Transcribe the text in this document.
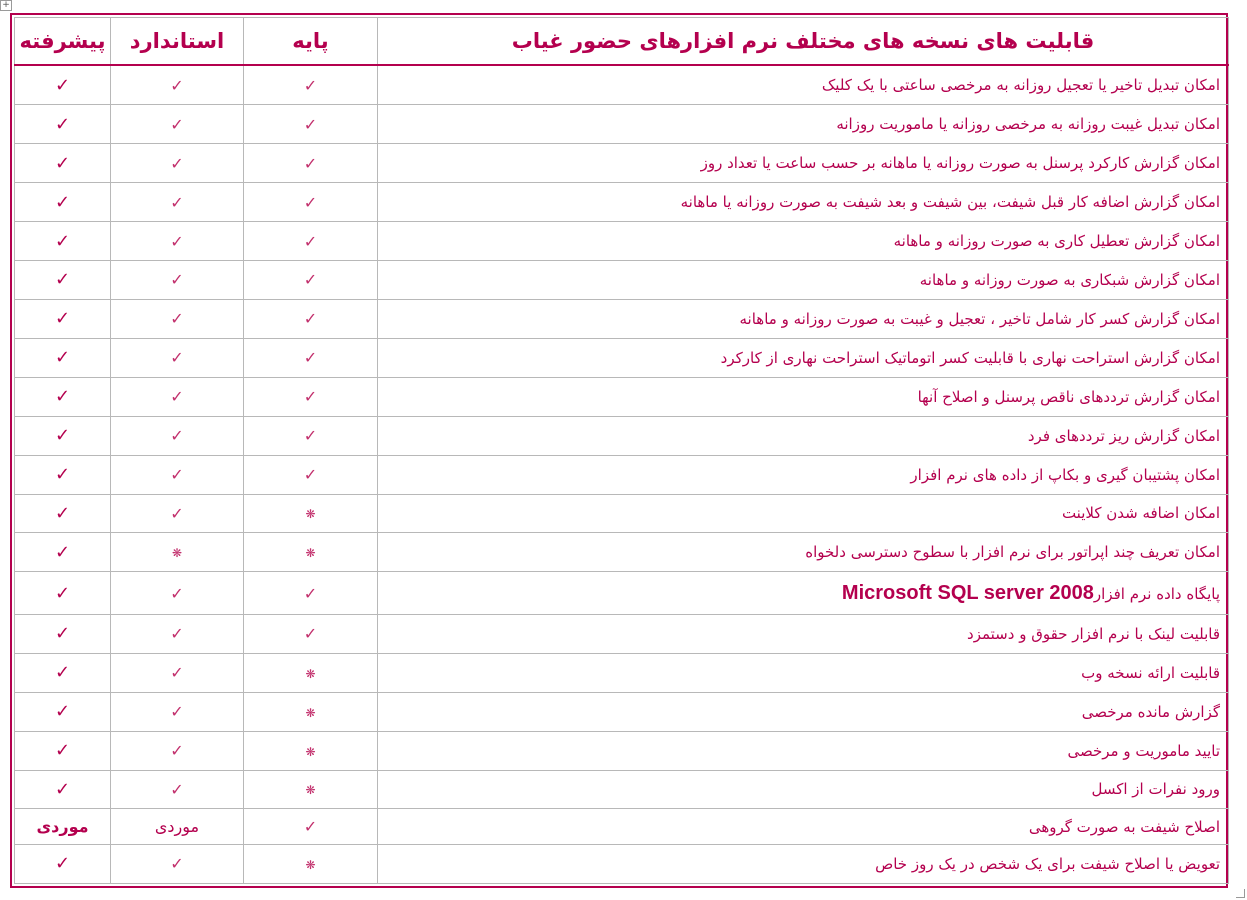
+
قابلیت های نسخه های مختلف نرم افزارهای حضور غیاب	پایه	استاندارد	پیشرفته
امکان تبدیل تاخیر یا تعجیل روزانه به مرخصی ساعتی با یک کلیک	✓	✓	✓
امکان تبدیل غیبت روزانه به مرخصی روزانه یا ماموریت روزانه	✓	✓	✓
امکان گزارش کارکرد پرسنل به صورت روزانه یا ماهانه بر حسب ساعت یا تعداد روز	✓	✓	✓
امکان گزارش اضافه کار قبل شیفت، بین شیفت و بعد شیفت به صورت روزانه یا ماهانه	✓	✓	✓
امکان گزارش تعطیل کاری به صورت روزانه و ماهانه	✓	✓	✓
امکان گزارش شبکاری به صورت روزانه و ماهانه	✓	✓	✓
امکان گزارش کسر کار شامل تاخیر ، تعجیل و غیبت به صورت روزانه و ماهانه	✓	✓	✓
امکان گزارش استراحت نهاری با قابلیت کسر اتوماتیک استراحت نهاری از کارکرد	✓	✓	✓
امکان گزارش ترددهای ناقص پرسنل و اصلاح آنها	✓	✓	✓
امکان گزارش ریز ترددهای فرد	✓	✓	✓
امکان پشتیبان گیری و بکاپ از داده های نرم افزار	✓	✓	✓
امکان اضافه شدن کلاینت	❋	✓	✓
امکان تعریف چند اپراتور برای نرم افزار با سطوح دسترسی دلخواه	❋	❋	✓
پایگاه داده نرم افزارMicrosoft SQL server 2008	✓	✓	✓
قابلیت لینک با نرم افزار حقوق و دستمزد	✓	✓	✓
قابلیت ارائه نسخه وب	❋	✓	✓
گزارش مانده مرخصی	❋	✓	✓
تایید ماموریت و مرخصی	❋	✓	✓
ورود نفرات از اکسل	❋	✓	✓
اصلاح شیفت به صورت گروهی	✓	موردی	موردی
تعویض یا اصلاح شیفت برای یک شخص در یک روز خاص	❋	✓	✓
